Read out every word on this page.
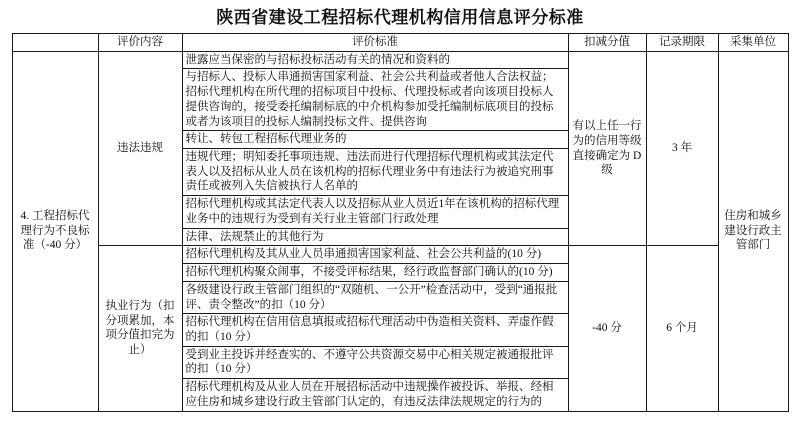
陕西省建设工程招标代理机构信用信息评分标准
	评价内容	评价标准	扣减分值	记录期限	采集单位
4. 工程招标代理行为不良标准（-40 分）	违法违规	泄露应当保密的与招标投标活动有关的情况和资料的	有以上任一行为的信用等级直接确定为 D 级	3 年	住房和城乡建设行政主管部门
		与招标人、投标人串通损害国家利益、社会公共利益或者他人合法权益；招标代理机构在所代理的招标项目中投标、代理投标或者向该项目投标人提供咨询的，接受委托编制标底的中介机构参加受托编制标底项目的投标或者为该项目的投标人编制投标文件、提供咨询			
		转让、转包工程招标代理业务的			
		违规代理；明知委托事项违规、违法而进行代理招标代理机构或其法定代表人以及招标从业人员在该机构的招标代理业务中有违法行为被追究刑事责任或被列入失信被执行人名单的			
		招标代理机构或其法定代表人以及招标从业人员近1年在该机构的招标代理业务中的违规行为受到有关行业主管部门行政处理			
		法律、法规禁止的其他行为			
	执业行为（扣分项累加，本项分值扣完为止）	招标代理机构及其从业人员串通损害国家利益、社会公共利益的(10 分)	-40 分	6 个月	
		招标代理机构聚众闹事，不接受评标结果，经行政监督部门确认的(10 分)			
		各级建设行政主管部门组织的“双随机、一公开”检查活动中，受到“通报批评、责令整改”的扣（10 分）			
		招标代理机构在信用信息填报或招标代理活动中伪造相关资料、弄虚作假的扣（10 分）			
		受到业主投诉并经查实的、不遵守公共资源交易中心相关规定被通报批评的扣（10 分）			
		招标代理机构及从业人员在开展招标活动中违规操作被投诉、举报、经相应住房和城乡建设行政主管部门认定的，有违反法律法规规定的行为的			
